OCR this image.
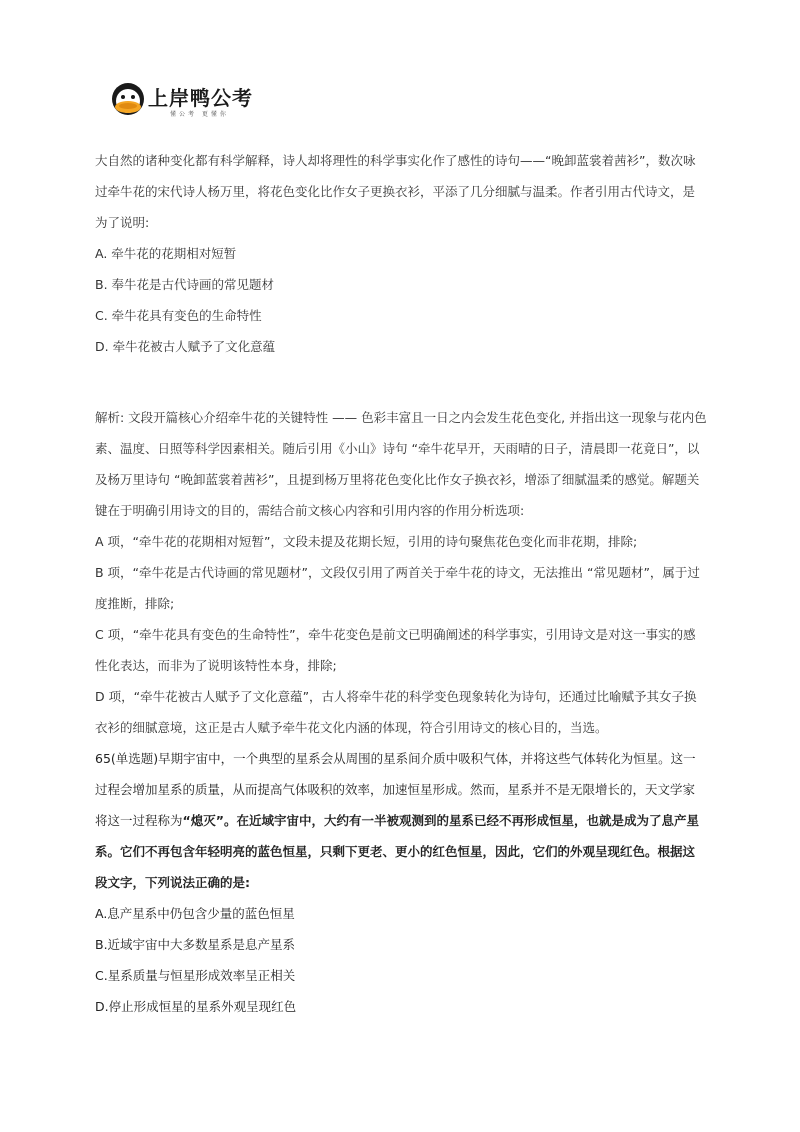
上岸鸭公考
懂公考 更懂你

大自然的诸种变化都有科学解释，诗人却将理性的科学事实化作了感性的诗句——“晚卸蓝裳着茜衫”，数次咏过牵牛花的宋代诗人杨万里，将花色变化比作女子更换衣衫，平添了几分细腻与温柔。作者引用古代诗文，是为了说明:

A. 牵牛花的花期相对短暂

B. 奉牛花是古代诗画的常见题材

C. 牵牛花具有变色的生命特性

D. 牵牛花被古人赋予了文化意蕴

解析: 文段开篇核心介绍牵牛花的关键特性 —— 色彩丰富且一日之内会发生花色变化, 并指出这一现象与花内色素、温度、日照等科学因素相关。随后引用《小山》诗句 “牵牛花早开，天雨晴的日子，清晨即一花竟日”，以及杨万里诗句 “晚卸蓝裳着茜衫”，且提到杨万里将花色变化比作女子换衣衫，增添了细腻温柔的感觉。解题关键在于明确引用诗文的目的，需结合前文核心内容和引用内容的作用分析选项:

A 项，“牵牛花的花期相对短暂”，文段未提及花期长短，引用的诗句聚焦花色变化而非花期，排除;

B 项，“牵牛花是古代诗画的常见题材”，文段仅引用了两首关于牵牛花的诗文，无法推出 “常见题材”，属于过度推断，排除;

C 项，“牵牛花具有变色的生命特性”，牵牛花变色是前文已明确阐述的科学事实，引用诗文是对这一事实的感性化表达，而非为了说明该特性本身，排除;

D 项，“牵牛花被古人赋予了文化意蕴”，古人将牵牛花的科学变色现象转化为诗句，还通过比喻赋予其女子换衣衫的细腻意境，这正是古人赋予牵牛花文化内涵的体现，符合引用诗文的核心目的，当选。

65(单选题)早期宇宙中，一个典型的星系会从周围的星系间介质中吸积气体，并将这些气体转化为恒星。这一过程会增加星系的质量，从而提高气体吸积的效率，加速恒星形成。然而，星系并不是无限增长的，天文学家将这一过程称为“熄灭”。在近域宇宙中，大约有一半被观测到的星系已经不再形成恒星，也就是成为了息产星系。它们不再包含年轻明亮的蓝色恒星，只剩下更老、更小的红色恒星，因此，它们的外观呈现红色。根据这段文字，下列说法正确的是:

A.息产星系中仍包含少量的蓝色恒星

B.近域宇宙中大多数星系是息产星系

C.星系质量与恒星形成效率呈正相关

D.停止形成恒星的星系外观呈现红色
